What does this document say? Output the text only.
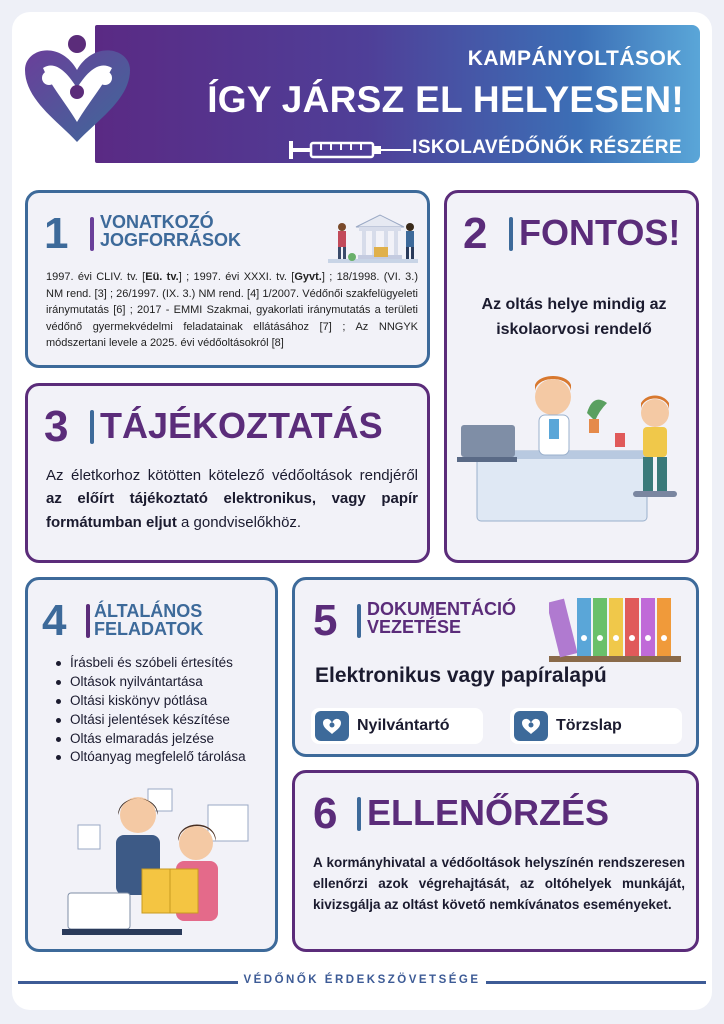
KAMPÁNYOLTÁSOK
ÍGY JÁRSZ EL HELYESEN!
ISKOLAVÉDŐNŐK RÉSZÉRE
1 VONATKOZÓ
JOGFORRÁSOK
1997. évi CLIV. tv. [Eü. tv.] ; 1997. évi XXXI. tv. [Gyvt.] ; 18/1998. (VI. 3.) NM rend. [3] ; 26/1997. (IX. 3.) NM rend. [4] 1/2007. Védőnői szakfelügyeleti iránymutatás [6] ; 2017 - EMMI Szakmai, gyakorlati iránymutatás a területi védőnő gyermekvédelmi feladatainak ellátásához [7] ; Az NNGYK módszertani levele a 2025. évi védőoltásokról [8]
2 FONTOS!
Az oltás helye mindig az iskolaorvosi rendelő
3 TÁJÉKOZTATÁS
Az életkorhoz kötötten kötelező védőoltások rendjéről az előírt tájékoztató elektronikus, vagy papír formátumban eljut a gondviselőkhöz.
4 ÁLTALÁNOS
FELADATOK
Írásbeli és szóbeli értesítés
Oltások nyilvántartása
Oltási kiskönyv pótlása
Oltási jelentések készítése
Oltás elmaradás jelzése
Oltóanyag megfelelő tárolása
5 DOKUMENTÁCIÓ
VEZETÉSE
Elektronikus vagy papíralapú
Nyilvántartó	Törzslap
6 ELLENŐRZÉS
A kormányhivatal a védőoltások helyszínén rendszeresen ellenőrzi azok végrehajtását, az oltóhelyek munkáját, kivizsgálja az oltást követő nemkívánatos eseményeket.
VÉDŐNŐK ÉRDEKSZÖVETSÉGE
